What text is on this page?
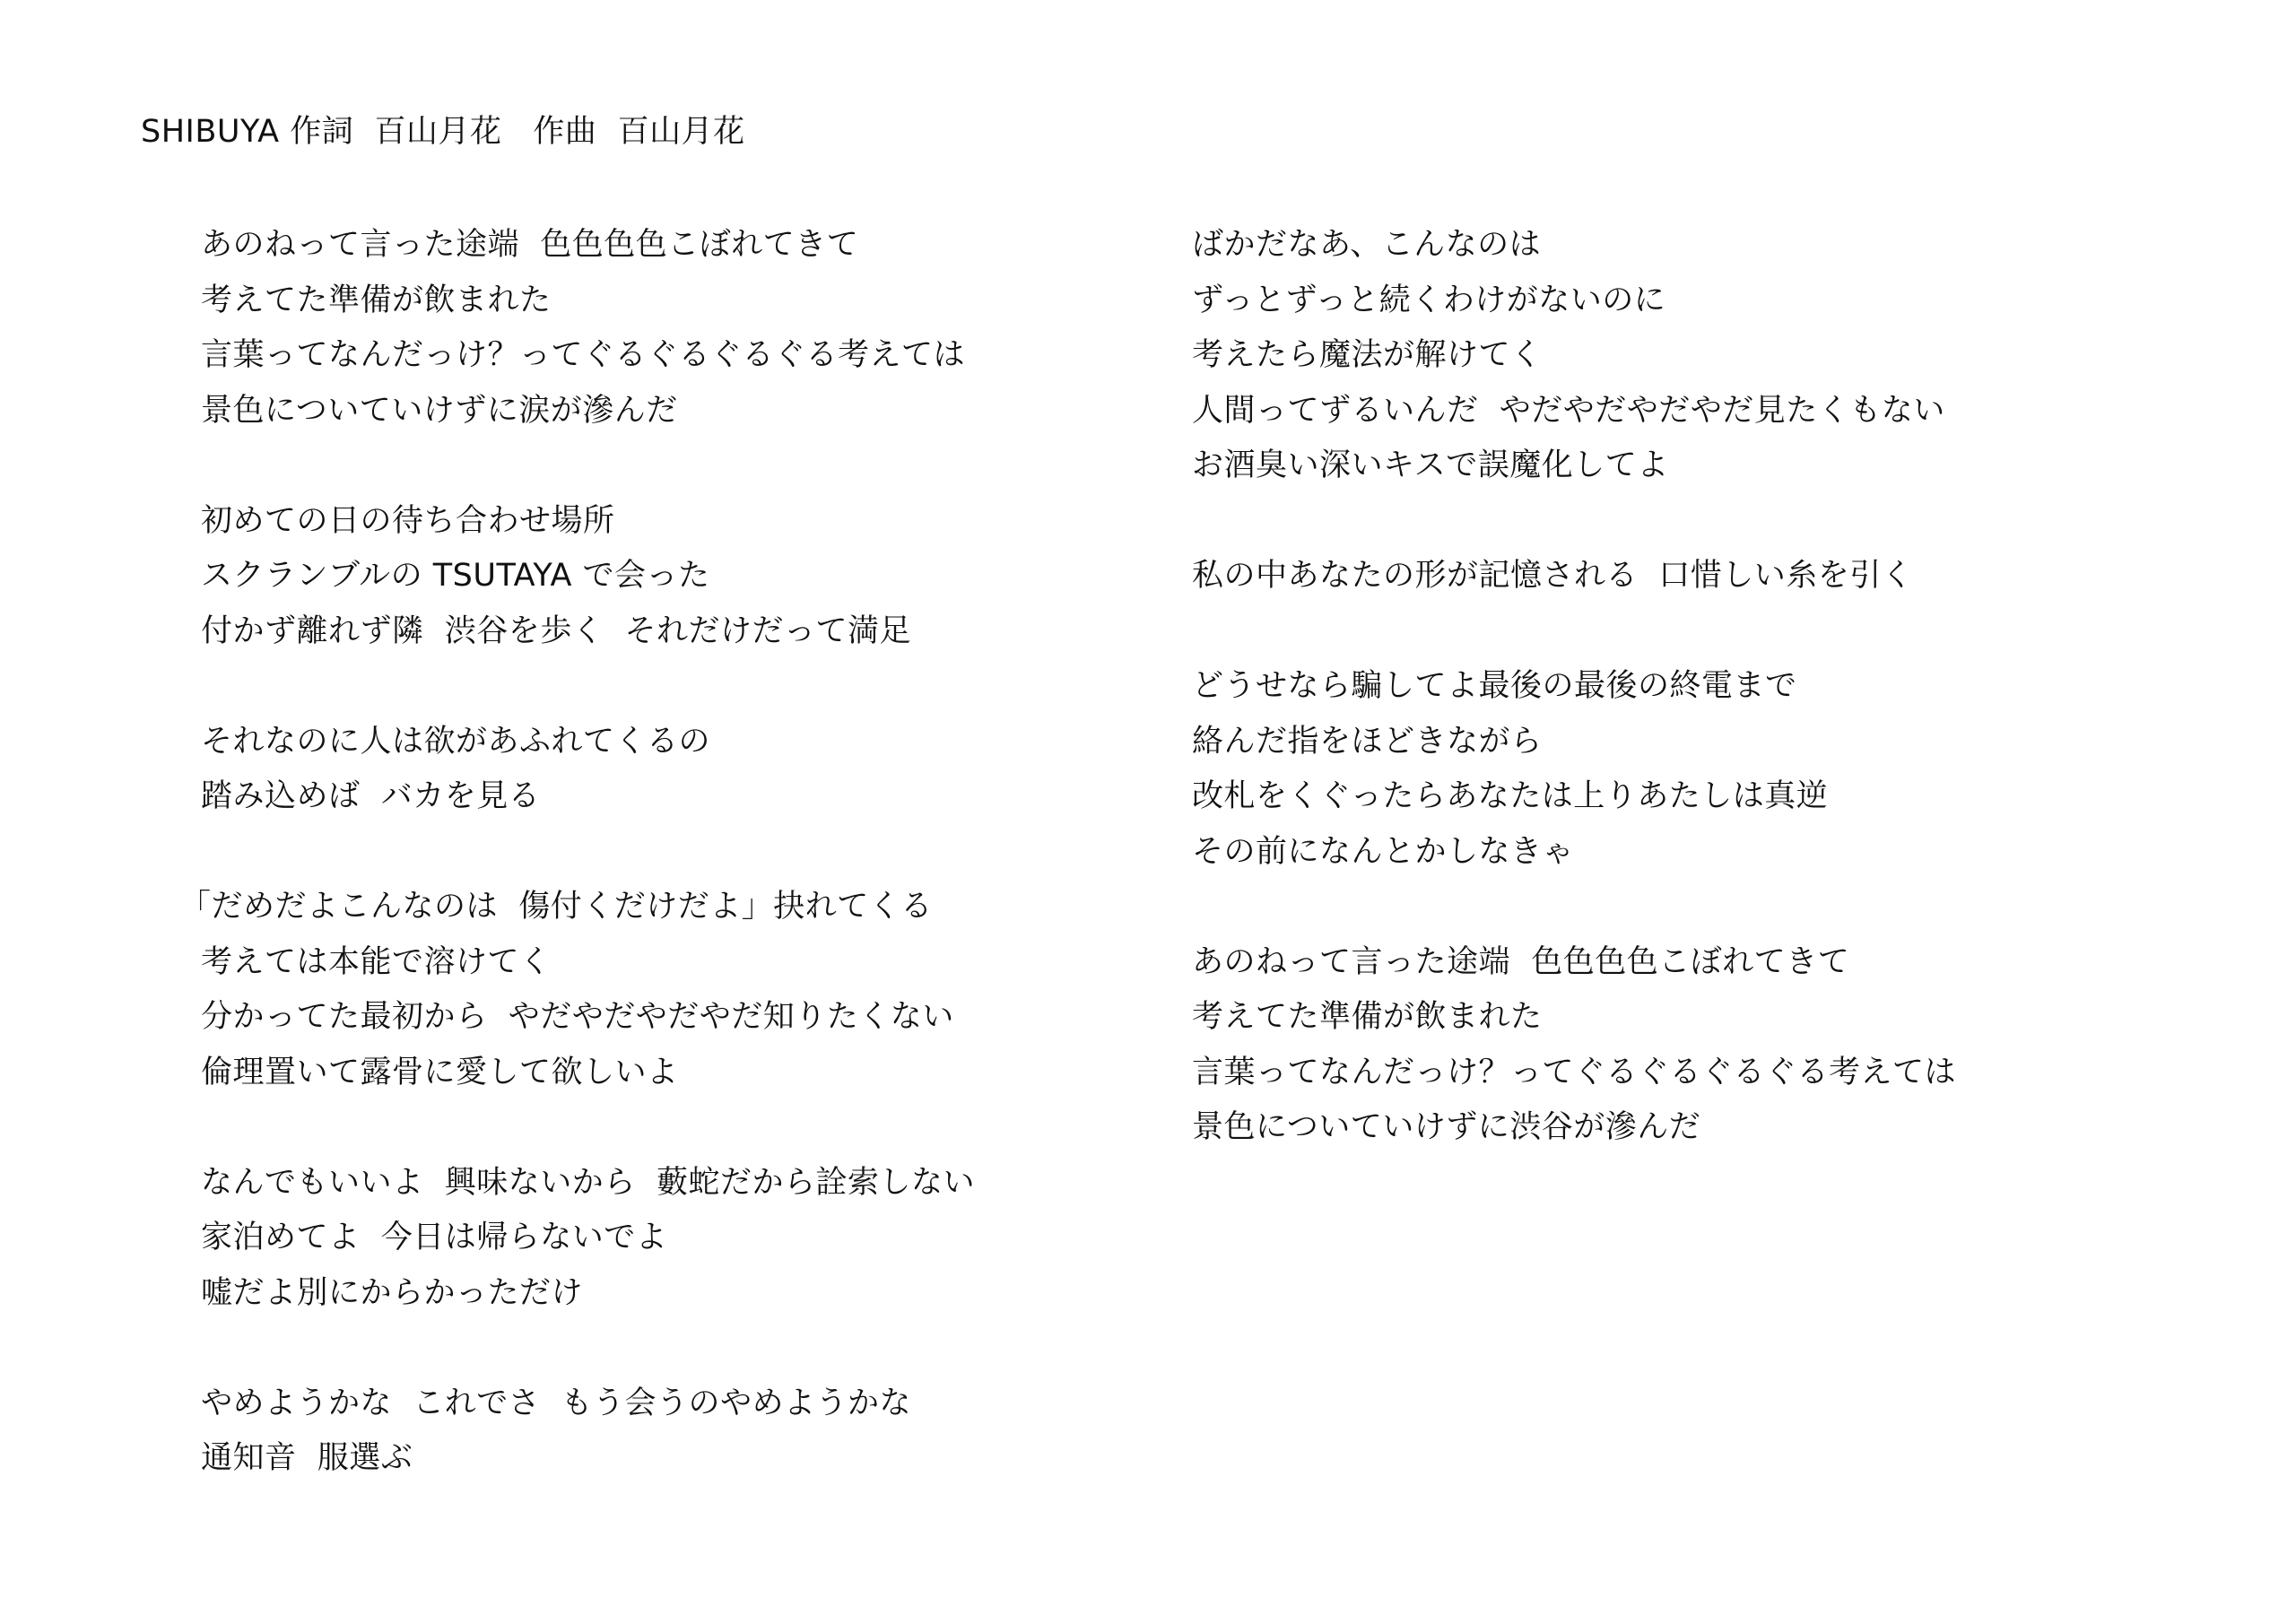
SHIBUYA 作詞  百山月花   作曲  百山月花
あのねって言った途端  色色色色こぼれてきて
考えてた準備が飲まれた
言葉ってなんだっけ？ってぐるぐるぐるぐる考えては
景色についていけずに涙が滲んだ
初めての日の待ち合わせ場所
スクランブルの TSUTAYA で会った
付かず離れず隣  渋谷を歩く  それだけだって満足
それなのに人は欲があふれてくるの
踏み込めば  バカを見る
「だめだよこんなのは  傷付くだけだよ」抉れてくる
考えては本能で溶けてく
分かってた最初から  やだやだやだやだ知りたくない
倫理置いて露骨に愛して欲しいよ
なんでもいいよ  興味ないから  藪蛇だから詮索しない
家泊めてよ  今日は帰らないでよ
嘘だよ別にからかっただけ
やめようかな  これでさ  もう会うのやめようかな
通知音  服選ぶ
ばかだなあ、こんなのは
ずっとずっと続くわけがないのに
考えたら魔法が解けてく
人間ってずるいんだ  やだやだやだやだ見たくもない
お酒臭い深いキスで誤魔化してよ
私の中あなたの形が記憶される  口惜しい糸を引く
どうせなら騙してよ最後の最後の終電まで
絡んだ指をほどきながら
改札をくぐったらあなたは上りあたしは真逆
その前になんとかしなきゃ
あのねって言った途端  色色色色こぼれてきて
考えてた準備が飲まれた
言葉ってなんだっけ？ってぐるぐるぐるぐる考えては
景色についていけずに渋谷が滲んだ
